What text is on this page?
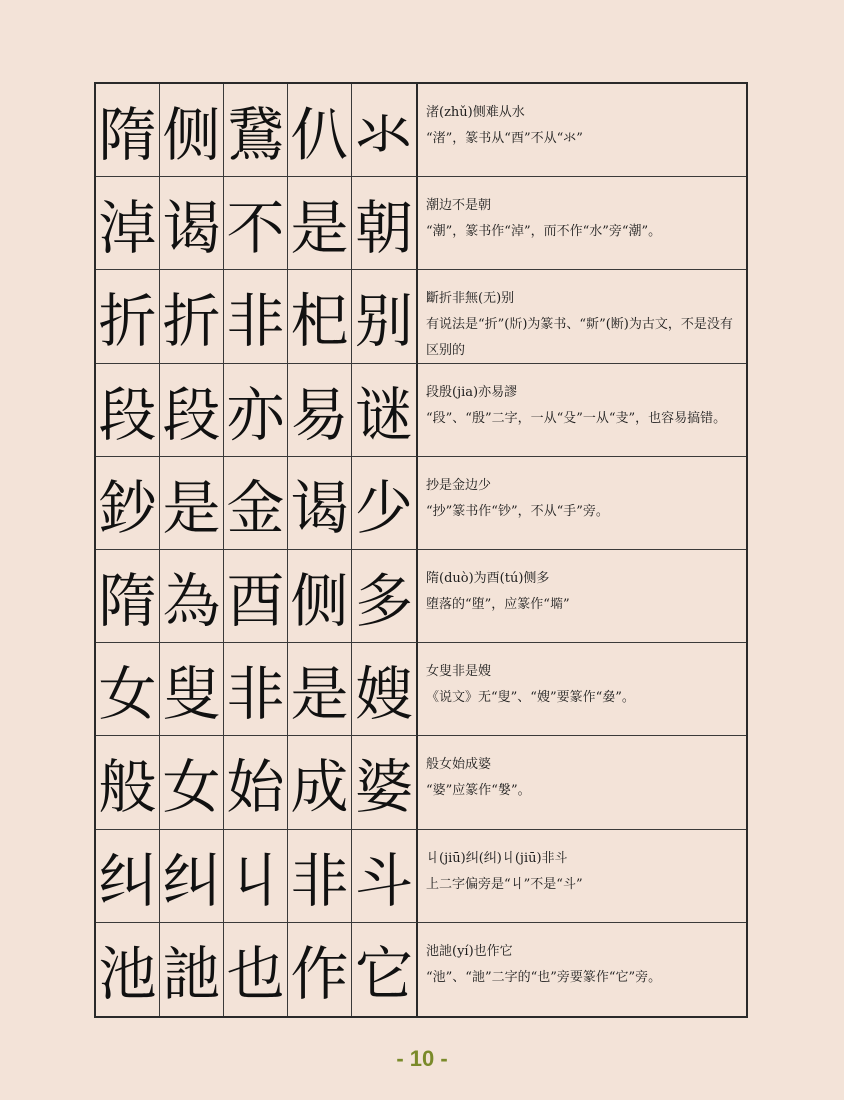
隋 侧 鵞 仈 氺 渚(zhǔ)侧难从水
“渚”，篆书从“⾣”不从“氺”
淖 谒 不 是 朝 潮边不是朝
“潮”，篆书作“淖”，而不作“水”旁“潮”。
折 折 非 𣏌 别 斷折非無(无)别
有说法是“折”(𣂔)为篆书、“㪿”(断)为古文，不是没有区别的
段 段 亦 易 谜 段殷(jia)亦易謬
“段”、“殷”二字，一从“殳”一从“叏”，也容易搞错。
鈔 是 金 谒 少 抄是金边少
“抄”篆书作“钞”，不从“手”旁。
隋 為 ⾣ 侧 多 隋(duò)为⾣(tú)侧多
堕落的“堕”，应篆作“𡐦”
女 叟 非 是 嫂 女叟非是嫂
《说文》无“叟”、“嫂”要篆作“姭”。
般 女 始 成 婆 般女始成婆
“婆”应篆作“媻”。
纠 纠 丩 非 斗 丩(jiū)纠(纠)丩(jiū)非斗
上二字偏旁是“丩”不是“斗”
池 訑 也 作 它 池訑(yí)也作它
“池”、“訑”二字的“也”旁要篆作“它”旁。
- 10 -
